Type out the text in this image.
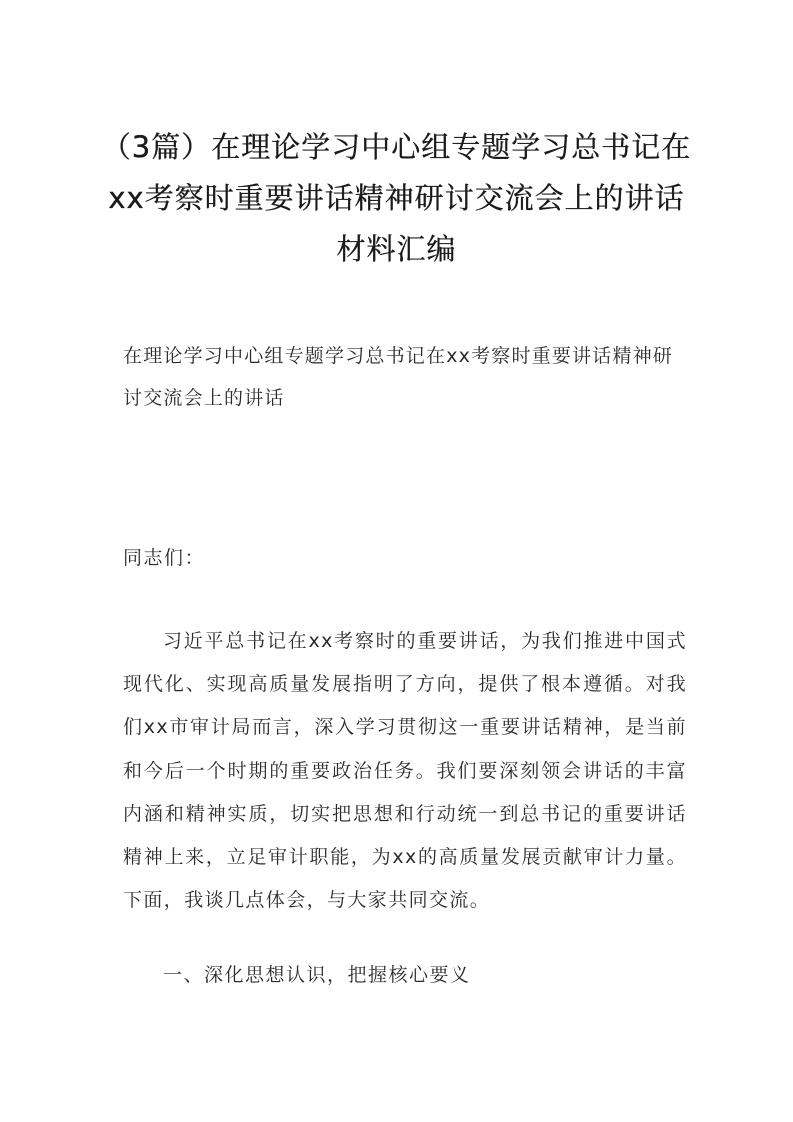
（3篇）在理论学习中心组专题学习总书记在xx考察时重要讲话精神研讨交流会上的讲话材料汇编

在理论学习中心组专题学习总书记在xx考察时重要讲话精神研讨交流会上的讲话

同志们：

习近平总书记在xx考察时的重要讲话，为我们推进中国式现代化、实现高质量发展指明了方向，提供了根本遵循。对我们xx市审计局而言，深入学习贯彻这一重要讲话精神，是当前和今后一个时期的重要政治任务。我们要深刻领会讲话的丰富内涵和精神实质，切实把思想和行动统一到总书记的重要讲话精神上来，立足审计职能，为xx的高质量发展贡献审计力量。下面，我谈几点体会，与大家共同交流。

一、深化思想认识，把握核心要义
